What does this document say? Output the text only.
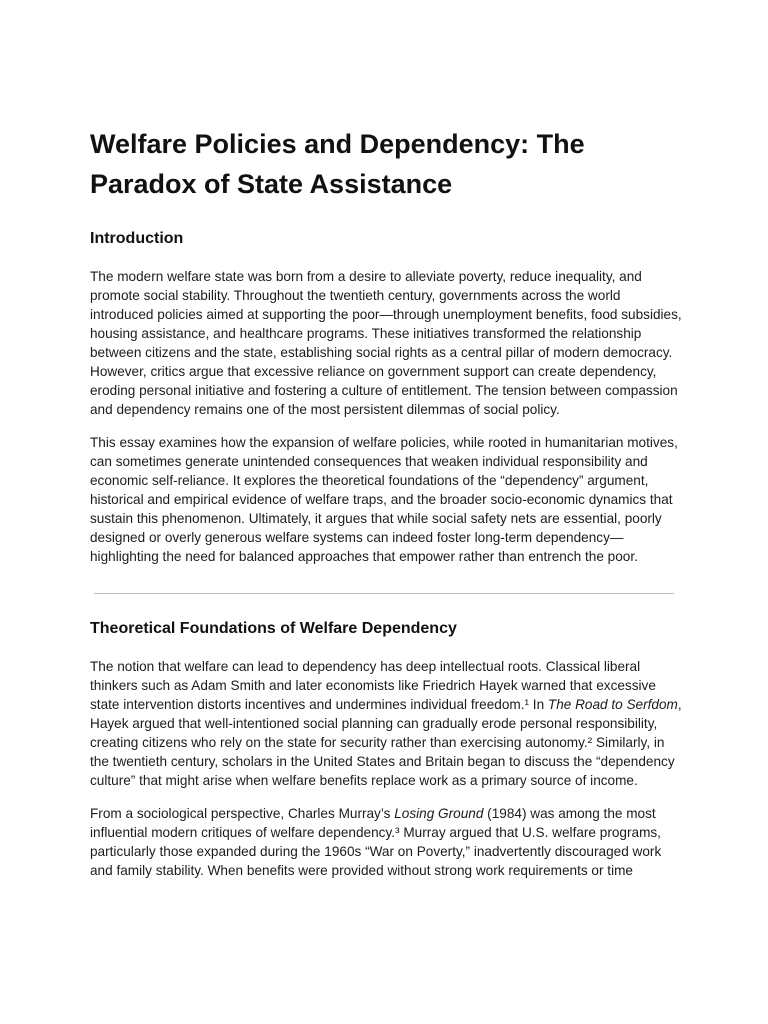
Welfare Policies and Dependency: The Paradox of State Assistance
Introduction

The modern welfare state was born from a desire to alleviate poverty, reduce inequality, and promote social stability. Throughout the twentieth century, governments across the world introduced policies aimed at supporting the poor—through unemployment benefits, food subsidies, housing assistance, and healthcare programs. These initiatives transformed the relationship between citizens and the state, establishing social rights as a central pillar of modern democracy. However, critics argue that excessive reliance on government support can create dependency, eroding personal initiative and fostering a culture of entitlement. The tension between compassion and dependency remains one of the most persistent dilemmas of social policy.

This essay examines how the expansion of welfare policies, while rooted in humanitarian motives, can sometimes generate unintended consequences that weaken individual responsibility and economic self-reliance. It explores the theoretical foundations of the “dependency” argument, historical and empirical evidence of welfare traps, and the broader socio-economic dynamics that sustain this phenomenon. Ultimately, it argues that while social safety nets are essential, poorly designed or overly generous welfare systems can indeed foster long-term dependency—highlighting the need for balanced approaches that empower rather than entrench the poor.

Theoretical Foundations of Welfare Dependency

The notion that welfare can lead to dependency has deep intellectual roots. Classical liberal thinkers such as Adam Smith and later economists like Friedrich Hayek warned that excessive state intervention distorts incentives and undermines individual freedom.¹ In The Road to Serfdom, Hayek argued that well-intentioned social planning can gradually erode personal responsibility, creating citizens who rely on the state for security rather than exercising autonomy.² Similarly, in the twentieth century, scholars in the United States and Britain began to discuss the “dependency culture” that might arise when welfare benefits replace work as a primary source of income.

From a sociological perspective, Charles Murray’s Losing Ground (1984) was among the most influential modern critiques of welfare dependency.³ Murray argued that U.S. welfare programs, particularly those expanded during the 1960s “War on Poverty,” inadvertently discouraged work and family stability. When benefits were provided without strong work requirements or time
